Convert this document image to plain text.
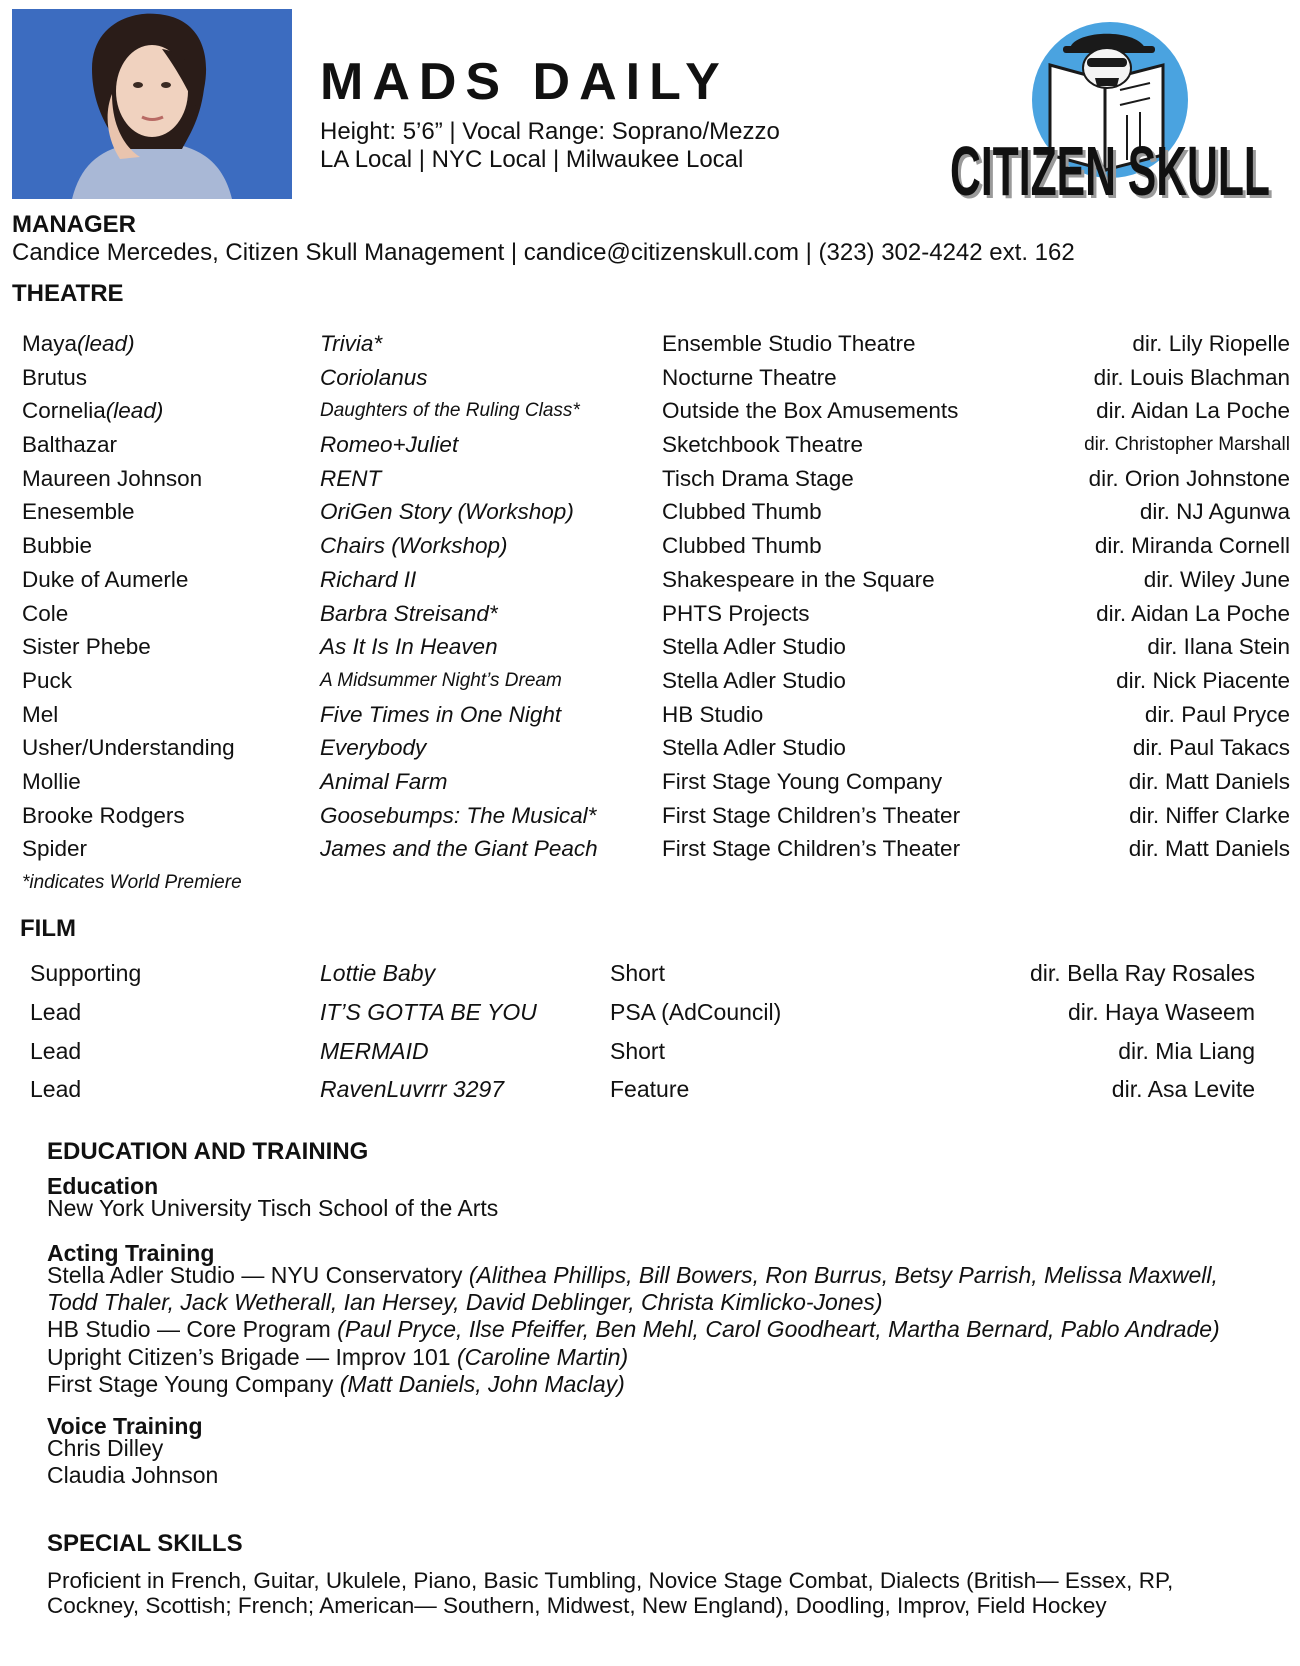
MADS DAILY
Height: 5’6” | Vocal Range: Soprano/Mezzo
LA Local | NYC Local | Milwaukee Local	CITIZEN SKULL
CITIZEN SKULL
MANAGER
Candice Mercedes, Citizen Skull Management | candice@citizenskull.com | (323) 302-4242 ext. 162
THEATRE
Maya (lead)	Trivia*	Ensemble Studio Theatre	dir. Lily Riopelle
Brutus	Coriolanus	Nocturne Theatre	dir. Louis Blachman
Cornelia (lead)	Daughters of the Ruling Class*	Outside the Box Amusements	dir. Aidan La Poche
Balthazar	Romeo+Juliet	Sketchbook Theatre	dir. Christopher Marshall
Maureen Johnson	RENT	Tisch Drama Stage	dir. Orion Johnstone
Enesemble	OriGen Story (Workshop)	Clubbed Thumb	dir. NJ Agunwa
Bubbie	Chairs (Workshop)	Clubbed Thumb	dir. Miranda Cornell
Duke of Aumerle	Richard II	Shakespeare in the Square	dir. Wiley June
Cole	Barbra Streisand*	PHTS Projects	dir. Aidan La Poche
Sister Phebe	As It Is In Heaven	Stella Adler Studio	dir. Ilana Stein
Puck	A Midsummer Night’s Dream	Stella Adler Studio	dir. Nick Piacente
Mel	Five Times in One Night	HB Studio	dir. Paul Pryce
Usher/Understanding	Everybody	Stella Adler Studio	dir. Paul Takacs
Mollie	Animal Farm	First Stage Young Company	dir. Matt Daniels
Brooke Rodgers	Goosebumps: The Musical*	First Stage Children’s Theater	dir. Niffer Clarke
Spider	James and the Giant Peach	First Stage Children’s Theater	dir. Matt Daniels
*indicates World Premiere
FILM
Supporting	Lottie Baby	Short	dir. Bella Ray Rosales
Lead	IT’S GOTTA BE YOU	PSA (AdCouncil)	dir. Haya Waseem
Lead	MERMAID	Short	dir. Mia Liang
Lead	RavenLuvrrr 3297	Feature	dir. Asa Levite
EDUCATION AND TRAINING
Education
New York University Tisch School of the Arts
Acting Training
Stella Adler Studio — NYU Conservatory (Alithea Phillips, Bill Bowers, Ron Burrus, Betsy Parrish, Melissa Maxwell,
Todd Thaler, Jack Wetherall, Ian Hersey, David Deblinger, Christa Kimlicko-Jones)
HB Studio — Core Program (Paul Pryce, Ilse Pfeiffer, Ben Mehl, Carol Goodheart, Martha Bernard, Pablo Andrade)
Upright Citizen’s Brigade — Improv 101 (Caroline Martin)
First Stage Young Company (Matt Daniels, John Maclay)
Voice Training
Chris Dilley
Claudia Johnson
SPECIAL SKILLS
Proficient in French, Guitar, Ukulele, Piano, Basic Tumbling, Novice Stage Combat, Dialects (British— Essex, RP,
Cockney, Scottish; French; American— Southern, Midwest, New England), Doodling, Improv, Field Hockey
